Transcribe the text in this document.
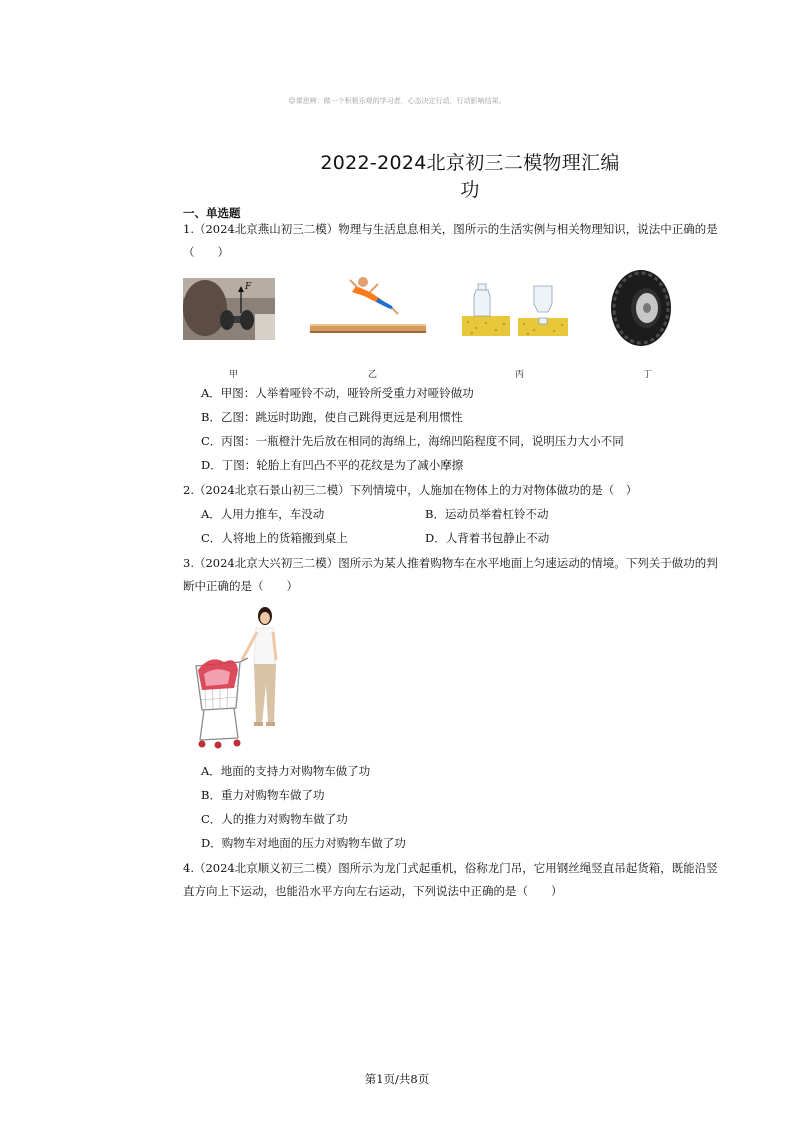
☺课思辨：做一个积极乐观的学习者，心态决定行动，行动影响结果。
2022-2024北京初三二模物理汇编
功
一、单选题
1.（2024北京燕山初三二模）物理与生活息息相关，图所示的生活实例与相关物理知识，说法中正确的是
（　　）
F
甲	乙	丙	丁
A．甲图：人举着哑铃不动，哑铃所受重力对哑铃做功
B．乙图：跳远时助跑，使自己跳得更远是利用惯性
C．丙图：一瓶橙汁先后放在相同的海绵上，海绵凹陷程度不同，说明压力大小不同
D．丁图：轮胎上有凹凸不平的花纹是为了减小摩擦
2.（2024北京石景山初三二模）下列情境中，人施加在物体上的力对物体做功的是（　）
A．人用力推车，车没动	B．运动员举着杠铃不动
C．人将地上的货箱搬到桌上	D．人背着书包静止不动
3.（2024北京大兴初三二模）图所示为某人推着购物车在水平地面上匀速运动的情境。下列关于做功的判
断中正确的是（　　）
A．地面的支持力对购物车做了功
B．重力对购物车做了功
C．人的推力对购物车做了功
D．购物车对地面的压力对购物车做了功
4.（2024北京顺义初三二模）图所示为龙门式起重机，俗称龙门吊，它用钢丝绳竖直吊起货箱，既能沿竖
直方向上下运动，也能沿水平方向左右运动，下列说法中正确的是（　　）
第1页/共8页
